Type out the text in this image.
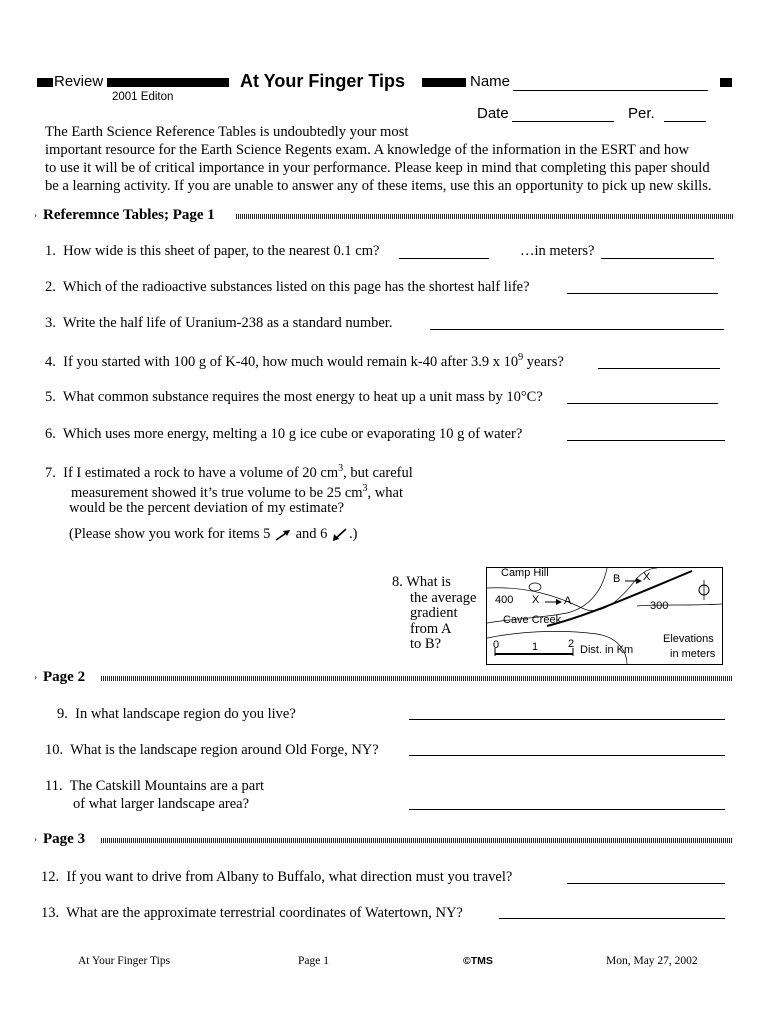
Review
2001 Editon
At Your Finger Tips	Name
Date	Per.
The Earth Science Reference Tables is undoubtedly your most
important resource for the Earth Science Regents exam. A knowledge of the information in the ESRT and how
to use it will be of critical importance in your performance. Please keep in mind that completing this paper should
be a learning activity. If you are unable to answer any of these items, use this an opportunity to pick up new skills.
› Referemnce Tables; Page 1
1. How wide is this sheet of paper, to the nearest 0.1 cm?	…in meters?
2. Which of the radioactive substances listed on this page has the shortest half life?
3. Write the half life of Uranium-238 as a standard number.
4. If you started with 100 g of K-40, how much would remain k-40 after 3.9 x $10^9$ years?
5. What common substance requires the most energy to heat up a unit mass by 10°C?
6. Which uses more energy, melting a 10 g ice cube or evaporating 10 g of water?
7. If I estimated a rock to have a volume of 20 $cm^3$, but careful
measurement showed it’s true volume to be 25 $cm^3$, what
would be the percent deviation of my estimate?
(Please show you work for items 5 and 6 .)
8. What is
the average
gradient
from A
to B?
Camp Hill	B X
400 X A	300
Cave Creek
0	1	2 Dist. in Km
Elevations
in meters
› Page 2
9. In what landscape region do you live?
10. What is the landscape region around Old Forge, NY?
11. The Catskill Mountains are a part
of what larger landscape area?
› Page 3
12. If you want to drive from Albany to Buffalo, what direction must you travel?
13. What are the approximate terrestrial coordinates of Watertown, NY?
At Your Finger Tips	Page 1	©TMS	Mon, May 27, 2002
